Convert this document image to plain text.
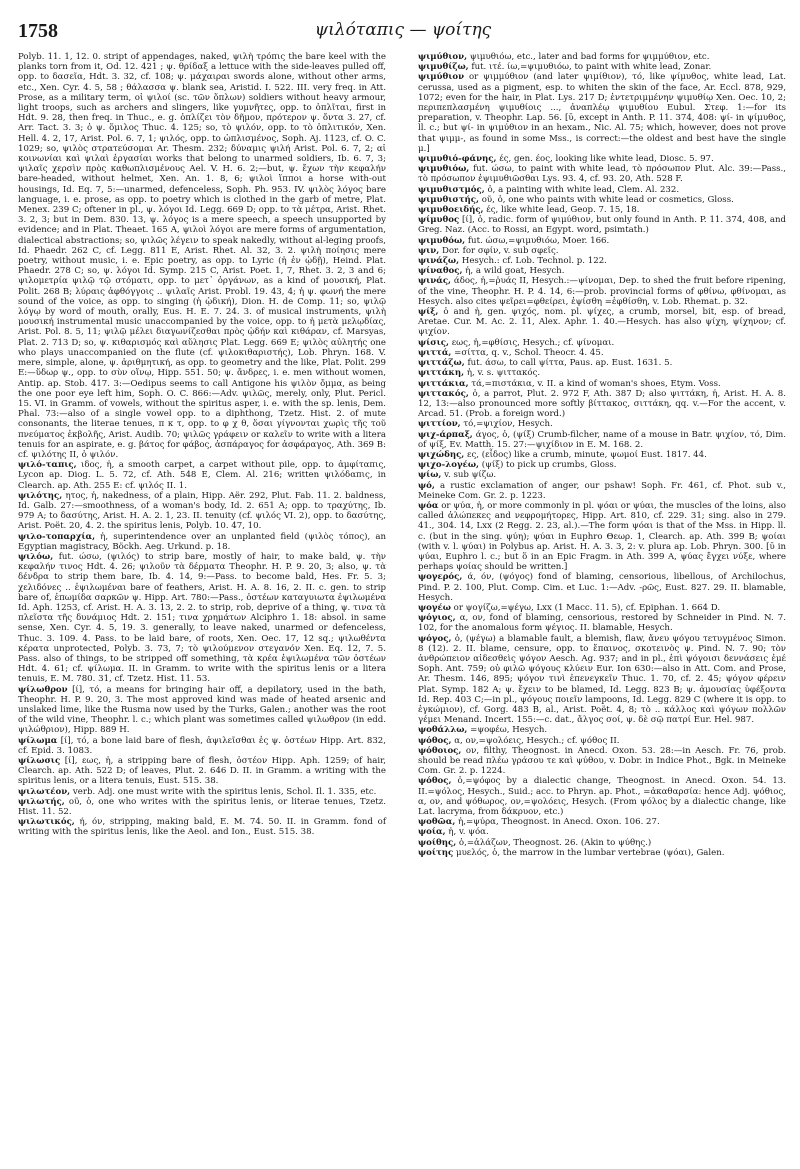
1758	ψιλόταπις — ψοίτης

Polyb. 11. 1, 12. 0. stript of appendages, naked, ψιλὴ τρόπις the bare keel with the planks torn from it, Od. 12. 421 ; ψ. θρίδαξ a lettuce with the side-leaves pulled off, opp. to δασεῖα, Hdt. 3. 32, cf. 108; ψ. μάχαιραι swords alone, without other arms, etc., Xen. Cyr. 4. 5, 58 ; θάλασσα ψ. blank sea, Aristid. I. 522. III. very freq. in Att. Prose, as a military term, οἱ ψιλοί (sc. τῶν ὅπλων) soldiers without heavy armour, light troops, such as archers and slingers, like γυμνῆτες, opp. to ὁπλῖται, first in Hdt. 9. 28, then freq. in Thuc., e. g. ὁπλίζει τὸν δῆμον, πρότερον ψ. ὄντα 3. 27, cf. Arr. Tact. 3. 3; ὁ ψ. ὅμιλος Thuc. 4. 125; so, τὸ ψιλόν, opp. to τὸ ὁπλιτικόν, Xen. Hell. 4. 2, 17, Arist. Pol. 6. 7, 1; ψιλός, opp. to ὡπλισμένος, Soph. Aj. 1123, cf. O. C. 1029; so, ψιλὸς στρατεύσομαι Ar. Thesm. 232; δύναμις ψιλή Arist. Pol. 6. 7, 2; αἱ κοινωνίαι καὶ ψιλαὶ ἐργασίαι works that belong to unarmed soldiers, Ib. 6. 7, 3; ψιλαῖς χερσὶν πρὸς καθωπλισμένους Ael. V. H. 6. 2;—but, ψ. ἔχων τὴν κεφαλήν bare-headed, without helmet, Xen. An. 1. 8, 6; ψιλοὶ ἵπποι a horse with-out housings, Id. Eq. 7, 5:—unarmed, defenceless, Soph. Ph. 953. IV. ψιλὸς λόγος bare language, i. e. prose, as opp. to poetry which is clothed in the garb of metre, Plat. Menex. 239 C; oftener in pl., ψ. λόγοι Id. Legg. 669 D; opp. to τὰ μέτρα, Arist. Rhet. 3. 2, 3; but in Dem. 830. 13, ψ. λόγος is a mere speech, a speech unsupported by evidence; and in Plat. Theaet. 165 A, ψιλοὶ λόγοι are mere forms of argumentation, dialectical abstractions; so, ψιλῶς λέγειν to speak nakedly, without al-leging proofs, Id. Phaedr. 262 C, cf. Legg. 811 E, Arist. Rhet. Al. 32, 3. 2. ψιλὴ ποίησις mere poetry, without music, i. e. Epic poetry, as opp. to Lyric (ἡ ἐν ᾠδῇ), Heind. Plat. Phaedr. 278 C; so, ψ. λόγοι Id. Symp. 215 C, Arist. Poet. 1, 7, Rhet. 3. 2, 3 and 6; ψιλομετρία ψιλῷ τῷ στόματι, opp. to μετ᾽ ὀργάνων, as a kind of μουσική, Plat. Polit. 268 B; λύραις ἀφθόγγοις .. ψιλαῖς Arist. Probl. 19. 43, 4; ἡ ψ. φωνή the mere sound of the voice, as opp. to singing (ἡ ᾠδική), Dion. H. de Comp. 11; so, ψιλῷ λόγῳ by word of mouth, orally, Eus. H. E. 7. 24. 3. of musical instruments, ψιλὴ μουσική instrumental music unaccompanied by the voice, opp. to ἡ μετὰ μελῳδίας, Arist. Pol. 8. 5, 11; ψιλῷ μέλει διαγωνίζεσθαι πρὸς ᾠδήν καὶ κιθάραν, cf. Marsyas, Plat. 2. 713 D; so, ψ. κιθαρισμός καὶ αὔλησις Plat. Legg. 669 E; ψιλὸς αὐλητής one who plays unaccompanied on the flute (cf. ψιλοκιθαριστής), Lob. Phryn. 168. V. mere, simple, alone, ψ. ἀριθμητική, as opp. to geometry and the like, Plat. Polit. 299 E:—ὕδωρ ψ., opp. to σὺν οἴνῳ, Hipp. 551. 50; ψ. ἄνδρες, i. e. men without women, Antip. ap. Stob. 417. 3:—Oedipus seems to call Antigone his ψιλὸν ὄμμα, as being the one poor eye left him, Soph. O. C. 866:—Adv. ψιλῶς, merely, only, Plut. Pericl. 15. VI. in Gramm. of vowels, without the spiritus asper, i. e. with the sp. lenis, Dem. Phal. 73:—also of a single vowel opp. to a diphthong, Tzetz. Hist. 2. of mute consonants, the literae tenues, π κ τ, opp. to φ χ θ, ὅσαι γίγνονται χωρὶς τῆς τοῦ πνεύματος ἐκβολῆς, Arist. Audib. 70; ψιλῶς γράφειν or καλεῖν to write with a litera tenuis for an aspirate, e. g. βάτος for φάβος, ἀσπάραγος for ἀσφάραγος, Ath. 369 B: cf. ψιλότης II, ὁ ψιλόν.

ψιλό-ταπις, ιδος, ἡ, a smooth carpet, a carpet without pile, opp. to ἀμφίταπις, Lycon ap. Diog. L. 5. 72, cf. Ath. 548 E, Clem. Al. 216; written ψιλόδαπις, in Clearch. ap. Ath. 255 E: cf. ψιλός II. 1.

ψιλότης, ητος, ἡ, nakedness, of a plain, Hipp. Aër. 292, Plut. Fab. 11. 2. baldness, Id. Galb. 27:—smoothness, of a woman's body, Id. 2. 651 A; opp. to τραχύτης, Ib. 979 A; to δασύτης, Arist. H. A. 2. 1, 23. II. tenuity (cf. ψιλός VI. 2), opp. to δασύτης, Arist. Poët. 20, 4. 2. the spiritus lenis, Polyb. 10. 47, 10.

ψιλο-τοπαρχία, ἡ, superintendence over an unplanted field (ψιλὸς τόπος), an Egyptian magistracy, Böckh. Aeg. Urkund. p. 18.

ψιλόω, fut. ώσω, (ψιλός) to strip bare, mostly of hair, to make bald, ψ. τὴν κεφαλήν τινος Hdt. 4. 26; ψιλοῦν τὰ δέρματα Theophr. H. P. 9. 20, 3; also, ψ. τὰ δένδρα to strip them bare, Ib. 4. 14, 9:—Pass. to become bald, Hes. Fr. 5. 3; χελιδόνες .. ἐψιλωμέναι bare of feathers, Arist. H. A. 8. 16, 2. II. c. gen. to strip bare of, ἐπωμίδα σαρκῶν ψ. Hipp. Art. 780:—Pass., ὀστέων καταγυιωτα ἐψιλωμένα Id. Aph. 1253, cf. Arist. H. A. 3. 13, 2. 2. to strip, rob, deprive of a thing, ψ. τινα τὰ πλεῖστα τῆς δυνάμιος Hdt. 2. 151; τινα χρημάτων Alciphro 1. 18: absol. in same sense, Xen. Cyr. 4. 5, 19. 3. generally, to leave naked, unarmed or defenceless, Thuc. 3. 109. 4. Pass. to be laid bare, of roots, Xen. Oec. 17, 12 sq.; ψιλωθέντα κέρατα unprotected, Polyb. 3. 73, 7; τὸ ψιλούμενον στεγανόν Xen. Eq. 12, 7. 5. Pass. also of things, to be stripped off something, τὰ κρέα ἐψιλωμένα τῶν ὀστέων Hdt. 4. 61; cf. ψίλωμα. II. in Gramm. to write with the spiritus lenis or a litera tenuis, E. M. 780. 31, cf. Tzetz. Hist. 11. 53.

ψίλωθρον [ί], τό, a means for bringing hair off, a depilatory, used in the bath, Theophr. H. P. 9. 20, 3. The most approved kind was made of heated arsenic and unslaked lime, like the Rusma now used by the Turks, Galen.; another was the root of the wild vine, Theophr. l. c.; which plant was sometimes called ψιλωθρον (in edd. ψιλώθριον), Hipp. 889 H.

ψίλωμα [ί], τό, a bone laid bare of flesh, ἀψιλεῖσθαι ἐς ψ. ὀστέων Hipp. Art. 832, cf. Epid. 3. 1083.

ψίλωσις [ί], εως, ἡ, a stripping bare of flesh, ὀστέον Hipp. Aph. 1259; of hair, Clearch. ap. Ath. 522 D; of leaves, Plut. 2. 646 D. II. in Gramm. a writing with the spiritus lenis, or a litera tenuis, Eust. 515. 38.

ψιλωτέον, verb. Adj. one must write with the spiritus lenis, Schol. Il. 1. 335, etc.

ψιλωτής, οῦ, ὁ, one who writes with the spiritus lenis, or literae tenues, Tzetz. Hist. 11. 52.

ψιλωτικός, ή, όν, stripping, making bald, E. M. 74. 50. II. in Gramm. fond of writing with the spiritus lenis, like the Aeol. and Ion., Eust. 515. 38.

ψιμύθιον, ψιμυθιόω, etc., later and bad forms for ψιμμύθιον, etc.

ψιμυθίζω, fut. ιτέ. ίω,=ψιμυθιόω, to paint with white lead, Zonar.

ψιμύθιον or ψιμμύθιον (and later ψιμίθιον), τό, like ψίμυθος, white lead, Lat. cerussa, used as a pigment, esp. to whiten the skin of the face, Ar. Eccl. 878, 929, 1072; even for the hair, in Plat. Lys. 217 D; ἐντετριμμένην ψιμυθίῳ Xen. Oec. 10, 2; περιπεπλασμένη ψιμυθίοις ..., ἀναπλέῳ ψιμυθίου Eubul. Στεφ. 1:—for its preparation, v. Theophr. Lap. 56. [ῡ, except in Anth. P. 11. 374, 408: ψί- in ψίμυθος, ll. c.; but ψί- in ψιμύθιον in an hexam., Nic. Al. 75; which, however, does not prove that ψιμμ-, as found in some Mss., is correct:—the oldest and best have the single μ.]

ψιμυθιό-φάνης, ές, gen. έος, looking like white lead, Diosc. 5. 97.

ψιμυθιόω, fut. ώσω, to paint with white lead, τὸ πρόσωπον Plut. Alc. 39:—Pass., τὸ πρόσωπον ἐψιμυθιῶσθαι Lys. 93. 4, cf. 93. 20, Ath. 528 F.

ψιμυθιστμός, ὁ, a painting with white lead, Clem. Al. 232.

ψιμυθιστής, οῦ, ὁ, one who paints with white lead or cosmetics, Gloss.

ψιμυθοειδής, ές, like white lead, Geop. 7. 15, 18.

ψίμυθος [ί], ὁ, radic. form of ψιμύθιον, but only found in Anth. P. 11. 374, 408, and Greg. Naz. (Acc. to Rossi, an Egypt. word, psimtath.)

ψιμυθόω, fut. ώσω,=ψιμυθιόω, Moer. 166.

ψιν, Dor. for σφίν, v. sub σφεῖς.

ψινάζω, Hesych.: cf. Lob. Technol. p. 122.

ψίναθος, ἡ, a wild goat, Hesych.

ψινάς, άδος, ἡ,=ῥυάς II, Hesych.:—ψίνομαι, Dep. to shed the fruit before ripening, of the vine, Theophr. H. P. 4. 14, 6:—prob. provincial forms of φθίνω, φθίνομαι, as Hesych. also cites ψεῖρει=φθείρει, ἐψίσθη =ἐφθίσθη, v. Lob. Rhemat. p. 32.

ψίξ, ὁ and ἡ, gen. ψιχός, nom. pl. ψίχες, a crumb, morsel, bit, esp. of bread, Aretae. Cur. M. Ac. 2. 11, Alex. Aphr. 1. 40.—Hesych. has also ψίχη, ψίχηνον; cf. ψιχίον.

ψίσις, εως, ἡ,=φθίσις, Hesych.; cf. ψίνομαι.

ψιττά, =σίττα, q. v., Schol. Theocr. 4. 45.

ψιττάζω, fut. άσω, to call ψίττα, Paus. ap. Eust. 1631. 5.

ψιττάκη, ἡ, v. s. ψιττακός.

ψιττάκια, τά,=πιστάκια, v. II. a kind of woman's shoes, Etym. Voss.

ψιττακός, ὁ, a parrot, Plut. 2. 972 F, Ath. 387 D; also ψιττάκη, ἡ, Arist. H. A. 8. 12, 13:—also pronounced more softly βίττακος, σιττάκη, qq. v.—For the accent, v. Arcad. 51. (Prob. a foreign word.)

ψιττίον, τό,=ψιχίον, Hesych.

ψιχ-άρπαξ, άγος, ὁ, (ψίξ) Crumb-filcher, name of a mouse in Batr. ψιχίον, τό, Dim. of ψίξ, Ev. Matth. 15. 27:—ψιχίδιον in E. M. 168. 2.

ψιχώδης, ες, (εἶδος) like a crumb, minute, ψωμοί Eust. 1817. 44.

ψιχο-λογέω, (ψίξ) to pick up crumbs, Gloss.

ψίω, v. sub ψίζω.

ψό, a rustic exclamation of anger, our pshaw! Soph. Fr. 461, cf. Phot. sub v., Meineke Com. Gr. 2. p. 1223.

ψόα or ψύα, ἡ, or more commonly in pl. ψόαι or ψύαι, the muscles of the loins, also called ἀλώπεκες and νεφρομήτορες, Hipp. Art. 810, cf. 229. 31; sing. also in 279. 41., 304. 14, Lxx (2 Regg. 2. 23, al.).—The form ψόαι is that of the Mss. in Hipp. ll. c. (but in the sing. ψύη); ψύαι in Euphro Θεωρ. 1, Clearch. ap. Ath. 399 B; ψοίαι (with v. l. ψύαι) in Polybus ap. Arist. H. A. 3. 3, 2: v. plura ap. Lob. Phryn. 300. [ῡ in ψύαι, Euphro l. c.; but ὅ in an Epic Fragm. in Ath. 399 A, ψύας ἔγχει νύξε, where perhaps ψοίας should be written.]

ψογερός, ά, όν, (ψόγος) fond of blaming, censorious, libellous, of Archilochus, Pind. P. 2. 100, Plut. Comp. Cim. et Luc. 1:—Adv. -ρῶς, Eust. 827. 29. II. blamable, Hesych.

ψογέω or ψογίζω,=ψέγω, Lxx (1 Macc. 11. 5), cf. Epiphan. 1. 664 D.

ψόγιος, α, ον, fond of blaming, censorious, restored by Schneider in Pind. N. 7. 102, for the anomalous form ψέγιος. II. blamable, Hesych.

ψόγος, ὁ, (ψέγω) a blamable fault, a blemish, flaw, ἄνευ ψόγου τετυγμένος Simon. 8 (12). 2. II. blame, censure, opp. to ἔπαινος, σκοτεινὸς ψ. Pind. N. 7. 90; τὸν ἀνθρώπειον αἰδεσθεὶς ψόγον Aesch. Ag. 937; and in pl., ἐπὶ ψόγοισι δεννάσεις ἐμέ Soph. Ant. 759; οὐ φιλῶ ψόγους κλύειν Eur. Ion 630:—also in Att. Com. and Prose, Ar. Thesm. 146, 895; ψόγον τινὶ ἐπενεγκεῖν Thuc. 1. 70, cf. 2. 45; ψόγον φέρειν Plat. Symp. 182 A; ψ. ἔχειν to be blamed, Id. Legg. 823 B; ψ. ἀμουσίας ὑφέξοντα Id. Rep. 403 C;—in pl., ψόγους ποιεῖν lampoons, Id. Legg. 829 C (where it is opp. to ἐγκώμιον), cf. Gorg. 483 B, al., Arist. Poët. 4, 8; τὸ .. κάλλος καὶ ψόγων πολλῶν γέμει Menand. Incert. 155:—c. dat., ἄλγος σοί, ψ. δὲ σῷ πατρί Eur. Hel. 987.

ψοθάλλω, =ψοφέω, Hesych.

ψόθος, α, ον,=ψολόεις, Hesych.; cf. ψόθος II.

ψόθοιος, ον, filthy, Theognost. in Anecd. Oxon. 53. 28:—in Aesch. Fr. 76, prob. should be read πλέω γράσου τε καὶ ψύθου, v. Dobr. in Indice Phot., Bgk. in Meineke Com. Gr. 2. p. 1224.

ψόθος, ὁ,=ψόφος by a dialectic change, Theognost. in Anecd. Oxon. 54. 13. II.=ψόλος, Hesych., Suid.; acc. to Phryn. ap. Phot., =ἀκαθαρσία: hence Adj. ψόθιος, α, ον, and ψόθωρος, ον,=ψολόεις, Hesych. (From ψόλος by a dialectic change, like Lat. lacryma, from δάκρυον, etc.)

ψοθῶα, ἡ,=ψύρα, Theognost. in Anecd. Oxon. 106. 27.

ψοία, ἡ, v. ψόα.

ψοίθης, ὁ,=ἀλάζων, Theognost. 26. (Akin to ψύθης.)

ψοίτης μυελός, ὁ, the marrow in the lumbar vertebrae (ψόαι), Galen.
